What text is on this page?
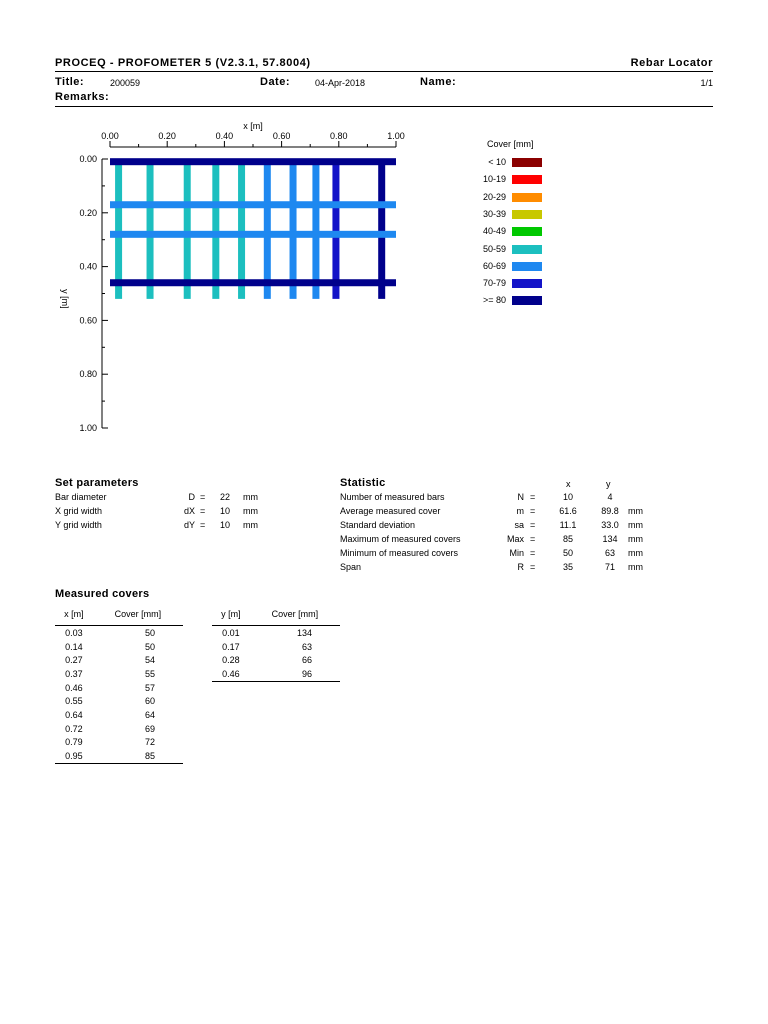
PROCEQ - PROFOMETER 5 (V2.3.1, 57.8004)	Rebar Locator
Title:	200059	Date:	04-Apr-2018	Name:	1/1
Remarks:
0.00	0.20	0.40	0.60	0.80	1.00
0.00
0.20
0.40
0.60
0.80
1.00
x [m]
y [m]
Cover [mm]
< 10
10-19
20-29
30-39
40-49
50-59
60-69
70-79
>= 80
Set parameters
Bar diameter	D = 22 mm
X grid width	dX = 10 mm
Y grid width	dY = 10 mm
Statistic	x	y
Number of measured bars	N =	10	4
Average measured cover	m =	61.6	89.8	mm
Standard deviation	sa =	11.1	33.0	mm
Maximum of measured covers	Max =	85	134	mm
Minimum of measured covers	Min =	50	63	mm
Span	R =	35	71	mm
Measured covers
x [m]	Cover [mm]
0.03	50
0.14	50
0.27	54
0.37	55
0.46	57
0.55	60
0.64	64
0.72	69
0.79	72
0.95	85
y [m]	Cover [mm]
0.01	134
0.17	63
0.28	66
0.46	96
